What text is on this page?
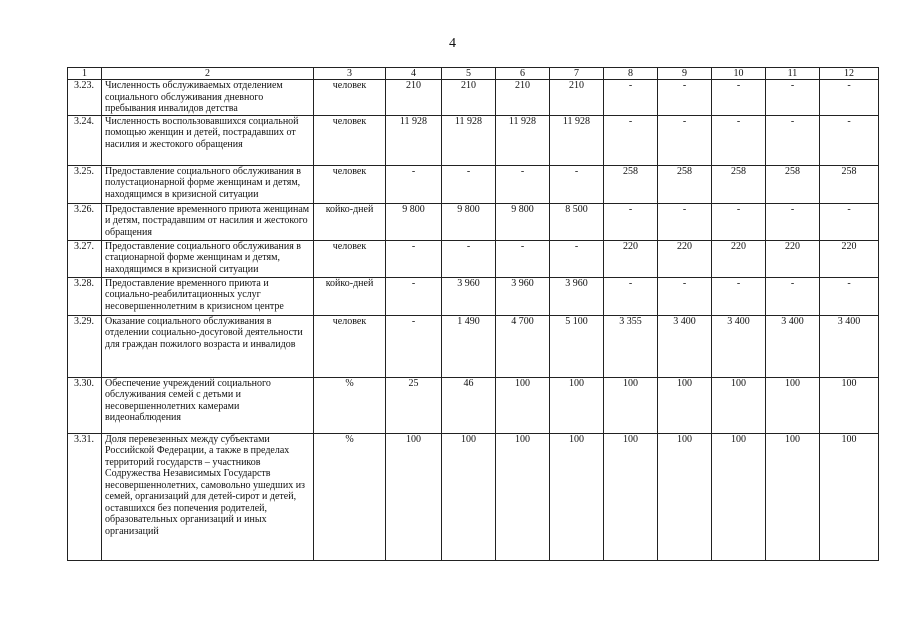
4
1	2	3	4	5	6	7	8	9	10	11	12
3.23.	Численность обслуживаемых отделением социального обслуживания дневного пребывания инвалидов детства	человек	210	210	210	210	-	-	-	-	-
3.24.	Численность воспользовавшихся социальной помощью женщин и детей, пострадавших от насилия и жестокого обращения	человек	11 928	11 928	11 928	11 928	-	-	-	-	-
3.25.	Предоставление социального обслуживания в полустационарной форме женщинам и детям, находящимся в кризисной ситуации	человек	-	-	-	-	258	258	258	258	258
3.26.	Предоставление временного приюта женщинам и детям, пострадавшим от насилия и жестокого обращения	койко-дней	9 800	9 800	9 800	8 500	-	-	-	-	-
3.27.	Предоставление социального обслуживания в стационарной форме женщинам и детям, находящимся в кризисной ситуации	человек	-	-	-	-	220	220	220	220	220
3.28.	Предоставление временного приюта и социально-реабилитационных услуг несовершеннолетним в кризисном центре	койко-дней	-	3 960	3 960	3 960	-	-	-	-	-
3.29.	Оказание социального обслуживания в отделении социально-досуговой деятельности для граждан пожилого возраста и инвалидов	человек	-	1 490	4 700	5 100	3 355	3 400	3 400	3 400	3 400
3.30.	Обеспечение учреждений социального обслуживания семей с детьми и несовершеннолетних камерами видеонаблюдения	%	25	46	100	100	100	100	100	100	100
3.31.	Доля перевезенных между субъектами Российской Федерации, а также в пределах территорий государств – участников Содружества Независимых Государств несовершеннолетних, самовольно ушедших из семей, организаций для детей-сирот и детей, оставшихся без попечения родителей, образовательных организаций и иных организаций	%	100	100	100	100	100	100	100	100	100
